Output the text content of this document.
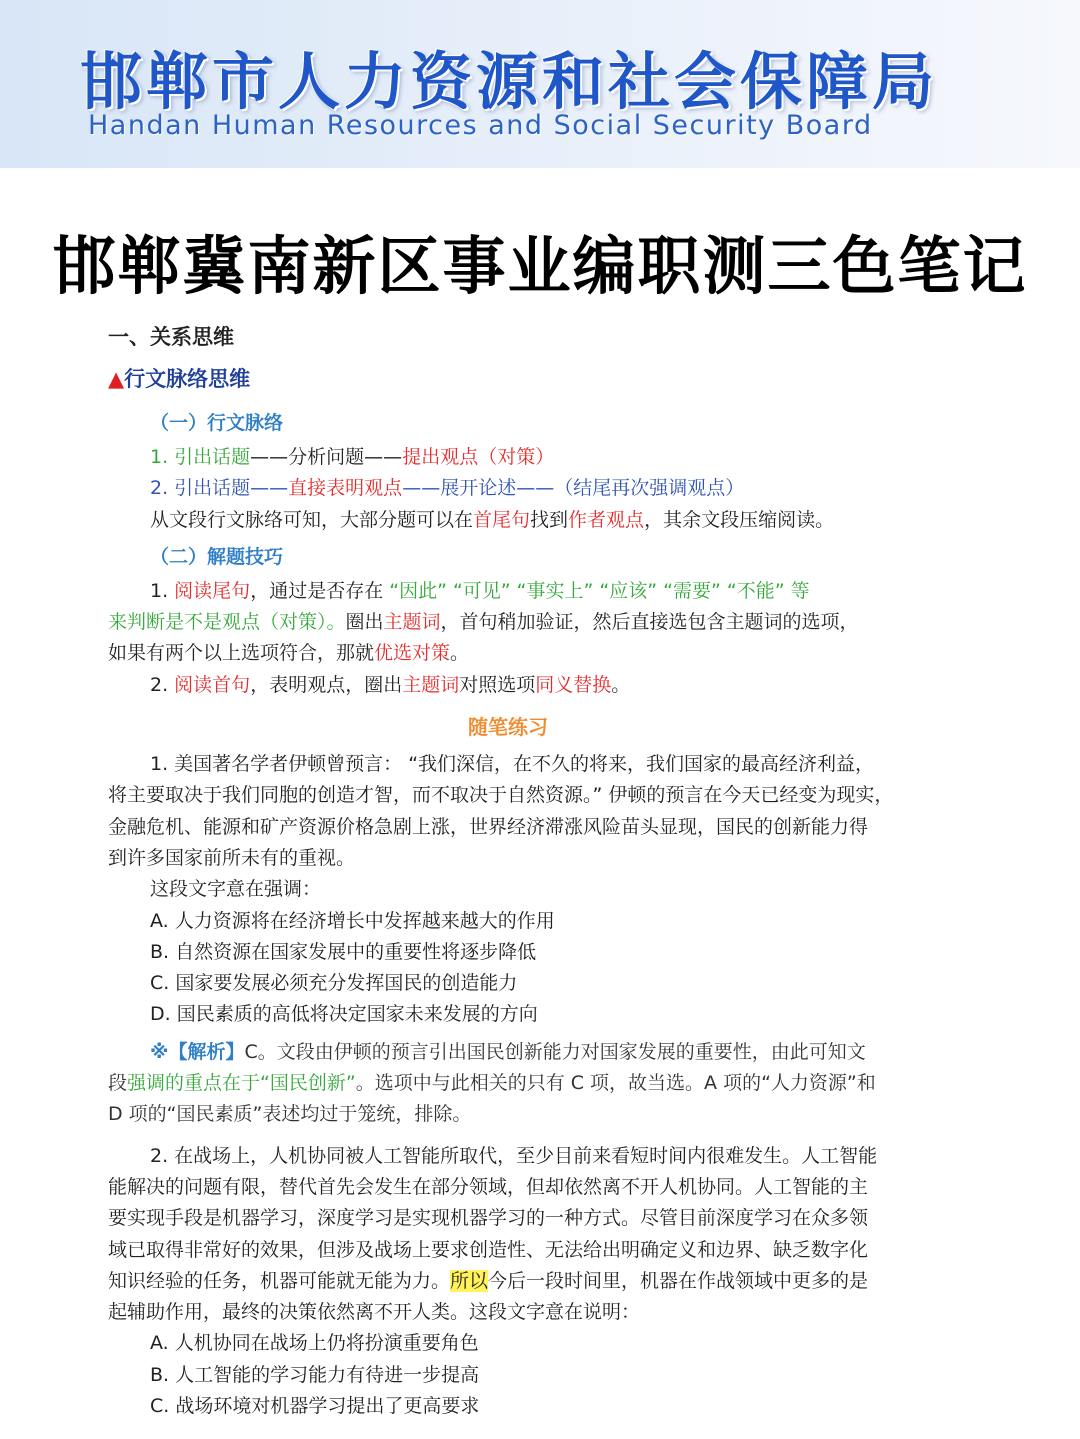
邯郸市人力资源和社会保障局
Handan Human Resources and Social Security Board
邯郸冀南新区事业编职测三色笔记

一、关系思维

▲行文脉络思维

（一）行文脉络

1. 引出话题——分析问题——提出观点（对策）

2. 引出话题——直接表明观点——展开论述——（结尾再次强调观点）

从文段行文脉络可知，大部分题可以在首尾句找到作者观点，其余文段压缩阅读。

（二）解题技巧

1. 阅读尾句，通过是否存在 “因此” “可见” “事实上” “应该” “需要” “不能” 等

来判断是不是观点（对策）。圈出主题词，首句稍加验证，然后直接选包含主题词的选项，

如果有两个以上选项符合，那就优选对策。

2. 阅读首句，表明观点，圈出主题词对照选项同义替换。

随笔练习

1. 美国著名学者伊顿曾预言： “我们深信，在不久的将来，我们国家的最高经济利益，

将主要取决于我们同胞的创造才智，而不取决于自然资源。” 伊顿的预言在今天已经变为现实，

金融危机、能源和矿产资源价格急剧上涨，世界经济滞涨风险苗头显现，国民的创新能力得

到许多国家前所未有的重视。

这段文字意在强调：

A. 人力资源将在经济增长中发挥越来越大的作用

B. 自然资源在国家发展中的重要性将逐步降低

C. 国家要发展必须充分发挥国民的创造能力

D. 国民素质的高低将决定国家未来发展的方向

※【解析】C。文段由伊顿的预言引出国民创新能力对国家发展的重要性，由此可知文

段强调的重点在于“国民创新”。选项中与此相关的只有 C 项，故当选。A 项的“人力资源”和

D 项的“国民素质”表述均过于笼统，排除。

2. 在战场上，人机协同被人工智能所取代，至少目前来看短时间内很难发生。人工智能

能解决的问题有限，替代首先会发生在部分领域，但却依然离不开人机协同。人工智能的主

要实现手段是机器学习，深度学习是实现机器学习的一种方式。尽管目前深度学习在众多领

域已取得非常好的效果，但涉及战场上要求创造性、无法给出明确定义和边界、缺乏数字化

知识经验的任务，机器可能就无能为力。所以今后一段时间里，机器在作战领域中更多的是

起辅助作用，最终的决策依然离不开人类。这段文字意在说明：

A. 人机协同在战场上仍将扮演重要角色

B. 人工智能的学习能力有待进一步提高

C. 战场环境对机器学习提出了更高要求
